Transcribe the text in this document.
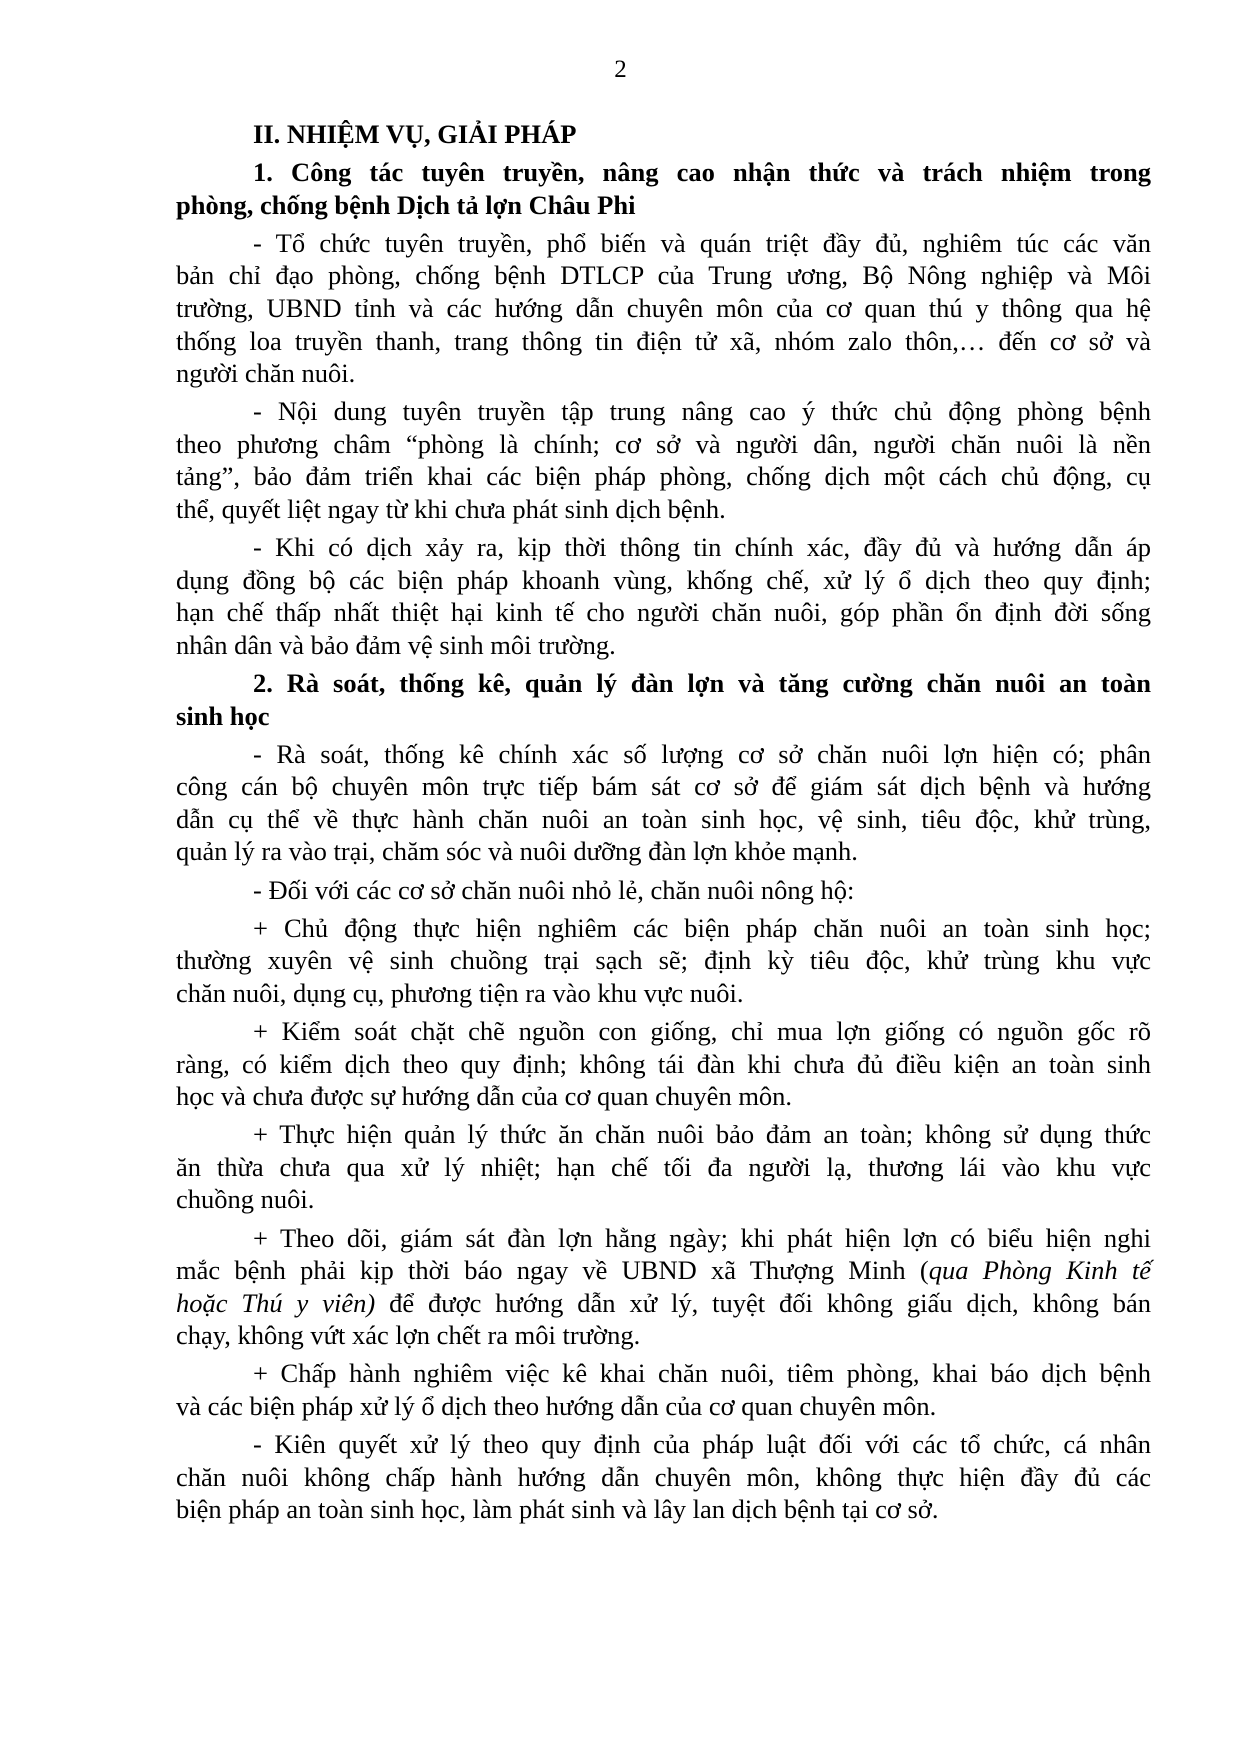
2
II. NHIỆM VỤ, GIẢI PHÁP
1. Công tác tuyên truyền, nâng cao nhận thức và trách nhiệm trong
phòng, chống bệnh Dịch tả lợn Châu Phi
- Tổ chức tuyên truyền, phổ biến và quán triệt đầy đủ, nghiêm túc các văn
bản chỉ đạo phòng, chống bệnh DTLCP của Trung ương, Bộ Nông nghiệp và Môi
trường, UBND tỉnh và các hướng dẫn chuyên môn của cơ quan thú y thông qua hệ
thống loa truyền thanh, trang thông tin điện tử xã, nhóm zalo thôn,… đến cơ sở và
người chăn nuôi.
- Nội dung tuyên truyền tập trung nâng cao ý thức chủ động phòng bệnh
theo phương châm “phòng là chính; cơ sở và người dân, người chăn nuôi là nền
tảng”, bảo đảm triển khai các biện pháp phòng, chống dịch một cách chủ động, cụ
thể, quyết liệt ngay từ khi chưa phát sinh dịch bệnh.
- Khi có dịch xảy ra, kịp thời thông tin chính xác, đầy đủ và hướng dẫn áp
dụng đồng bộ các biện pháp khoanh vùng, khống chế, xử lý ổ dịch theo quy định;
hạn chế thấp nhất thiệt hại kinh tế cho người chăn nuôi, góp phần ổn định đời sống
nhân dân và bảo đảm vệ sinh môi trường.
2. Rà soát, thống kê, quản lý đàn lợn và tăng cường chăn nuôi an toàn
sinh học
- Rà soát, thống kê chính xác số lượng cơ sở chăn nuôi lợn hiện có; phân
công cán bộ chuyên môn trực tiếp bám sát cơ sở để giám sát dịch bệnh và hướng
dẫn cụ thể về thực hành chăn nuôi an toàn sinh học, vệ sinh, tiêu độc, khử trùng,
quản lý ra vào trại, chăm sóc và nuôi dưỡng đàn lợn khỏe mạnh.
- Đối với các cơ sở chăn nuôi nhỏ lẻ, chăn nuôi nông hộ:
+ Chủ động thực hiện nghiêm các biện pháp chăn nuôi an toàn sinh học;
thường xuyên vệ sinh chuồng trại sạch sẽ; định kỳ tiêu độc, khử trùng khu vực
chăn nuôi, dụng cụ, phương tiện ra vào khu vực nuôi.
+ Kiểm soát chặt chẽ nguồn con giống, chỉ mua lợn giống có nguồn gốc rõ
ràng, có kiểm dịch theo quy định; không tái đàn khi chưa đủ điều kiện an toàn sinh
học và chưa được sự hướng dẫn của cơ quan chuyên môn.
+ Thực hiện quản lý thức ăn chăn nuôi bảo đảm an toàn; không sử dụng thức
ăn thừa chưa qua xử lý nhiệt; hạn chế tối đa người lạ, thương lái vào khu vực
chuồng nuôi.
+ Theo dõi, giám sát đàn lợn hằng ngày; khi phát hiện lợn có biểu hiện nghi
mắc bệnh phải kịp thời báo ngay về UBND xã Thượng Minh (qua Phòng Kinh tế
hoặc Thú y viên) để được hướng dẫn xử lý, tuyệt đối không giấu dịch, không bán
chạy, không vứt xác lợn chết ra môi trường.
+ Chấp hành nghiêm việc kê khai chăn nuôi, tiêm phòng, khai báo dịch bệnh
và các biện pháp xử lý ổ dịch theo hướng dẫn của cơ quan chuyên môn.
- Kiên quyết xử lý theo quy định của pháp luật đối với các tổ chức, cá nhân
chăn nuôi không chấp hành hướng dẫn chuyên môn, không thực hiện đầy đủ các
biện pháp an toàn sinh học, làm phát sinh và lây lan dịch bệnh tại cơ sở.
